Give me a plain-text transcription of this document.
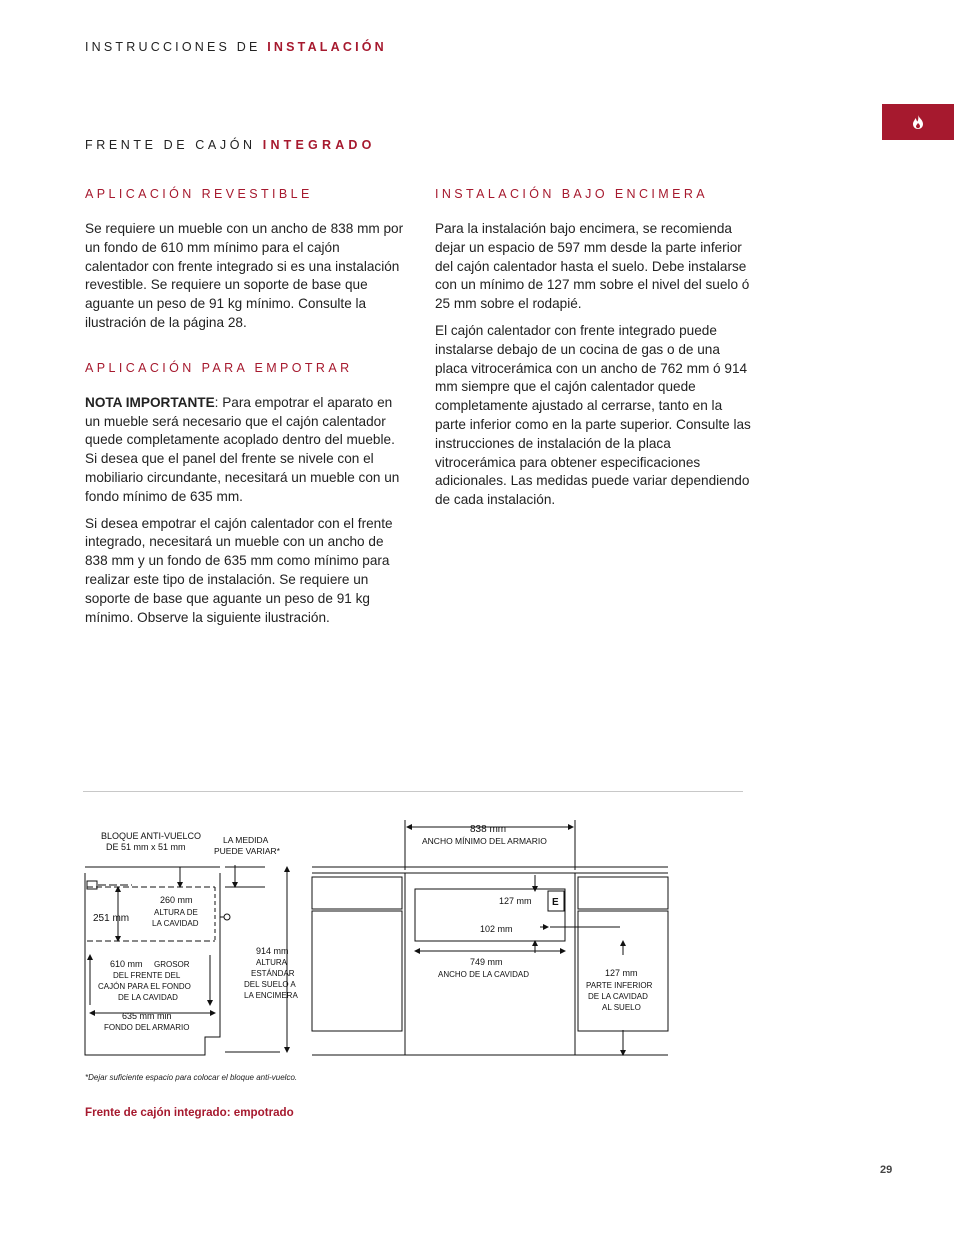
INSTRUCCIONES DE INSTALACIÓN
FRENTE DE CAJÓN INTEGRADO

APLICACIÓN REVESTIBLE

Se requiere un mueble con un ancho de 838 mm por un fondo de 610 mm mínimo para el cajón calentador con frente integrado si es una instalación revestible. Se requiere un soporte de base que aguante un peso de 91 kg mínimo. Consulte la ilustración de la página 28.

APLICACIÓN PARA EMPOTRAR

NOTA IMPORTANTE: Para empotrar el aparato en un mueble será necesario que el cajón calentador quede completamente acoplado dentro del mueble. Si desea que el panel del frente se nivele con el mobiliario circundante, necesitará un mueble con un fondo mínimo de 635 mm.

Si desea empotrar el cajón calentador con el frente integrado, necesitará un mueble con un ancho de 838 mm y un fondo de 635 mm como mínimo para realizar este tipo de instalación. Se requiere un soporte de base que aguante un peso de 91 kg mínimo. Observe la siguiente ilustración.

INSTALACIÓN BAJO ENCIMERA

Para la instalación bajo encimera, se recomienda dejar un espacio de 597 mm desde la parte inferior del cajón calentador hasta el suelo. Debe instalarse con un mínimo de 127 mm sobre el nivel del suelo ó 25 mm sobre el rodapié.

El cajón calentador con frente integrado puede instalarse debajo de un cocina de gas o de una placa vitrocerámica con un ancho de 762 mm ó 914 mm siempre que el cajón calentador quede completamente ajustado al cerrarse, tanto en la parte inferior como en la parte superior. Consulte las instrucciones de instalación de la placa vitrocerámica para obtener especificaciones adicionales. Las medidas puede variar dependiendo de cada instalación.

BLOQUE ANTI-VUELCO
DE 51 mm x 51 mm
LA MEDIDA
PUEDE VARIAR*
838 mm
ANCHO MÍNIMO DEL ARMARIO
260 mm
ALTURA DE
LA CAVIDAD
251 mm
127 mm E
102 mm
914 mm
ALTURA
ESTÁNDAR
DEL SUELO A
LA ENCIMERA
610 mm GROSOR
DEL FRENTE DEL
CAJÓN PARA EL FONDO
DE LA CAVIDAD
749 mm
ANCHO DE LA CAVIDAD	127 mm
PARTE INFERIOR
DE LA CAVIDAD
AL SUELO
635 mm min
FONDO DEL ARMARIO
*Dejar suficiente espacio para colocar el bloque anti-vuelco.
Frente de cajón integrado: empotrado
29
